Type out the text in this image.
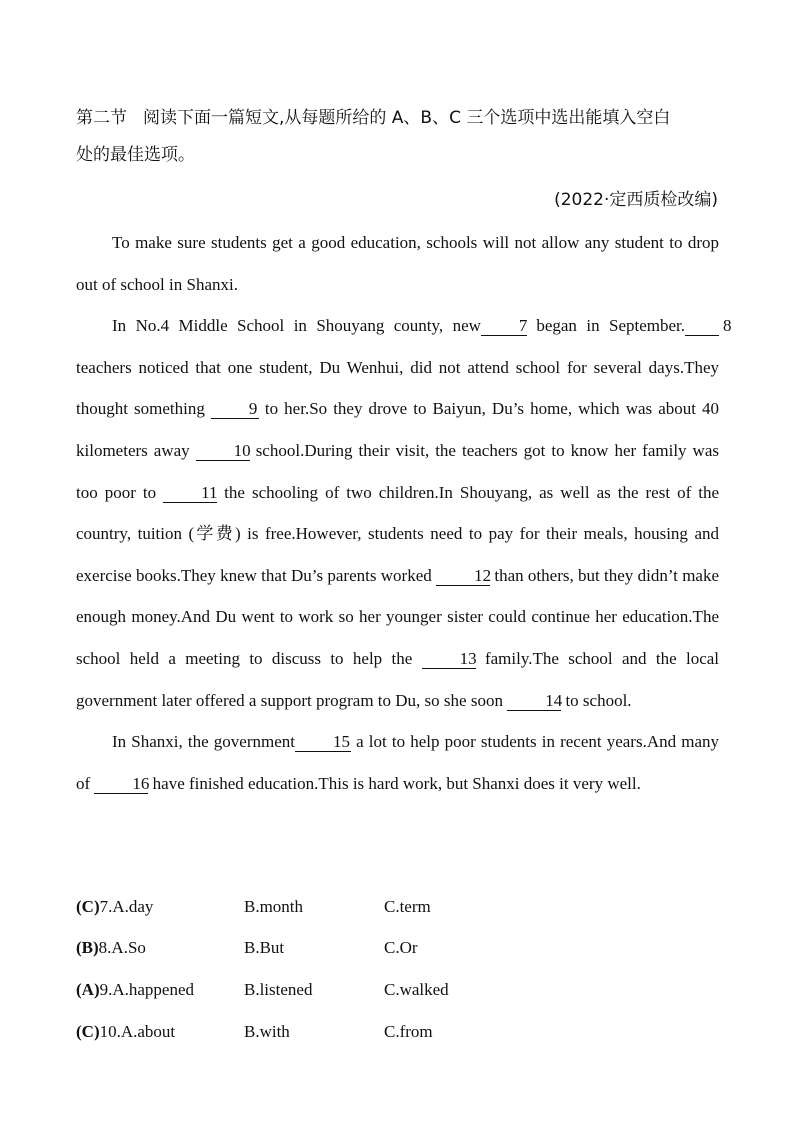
第二节 阅读下面一篇短文,从每题所给的 A、B、C 三个选项中选出能填入空白
处的最佳选项。
(2022·定西质检改编)

To make sure students get a good education, schools will not allow any student to drop out of school in Shanxi.

In No.4 Middle School in Shouyang county, new 7 began in September. 8 teachers noticed that one student, Du Wenhui, did not attend school for several days.They thought something	9 to her.So they drove to Baiyun, Du’s home, which was about 40 kilometers away	10 school.During their visit, the teachers got to know her family was too poor to	11 the schooling of two children.In Shouyang, as well as the rest of the country, tuition (学费) is free.However, students need to pay for their meals, housing and exercise books.They knew that Du’s parents worked 12 than others, but they didn’t make enough money.And Du went to work so her younger sister could continue her education.The school held a meeting to discuss to help the	13 family.The school and the local government later offered a support program to Du, so she soon 14 to school.

In Shanxi, the government 15 a lot to help poor students in recent years.And many of 16 have finished education.This is hard work, but Shanxi does it very well.

(C)7.A.day	B.month	C.term
(B)8.A.So	B.But	C.Or
(A)9.A.happened	B.listened	C.walked
(C)10.A.about	B.with	C.from
